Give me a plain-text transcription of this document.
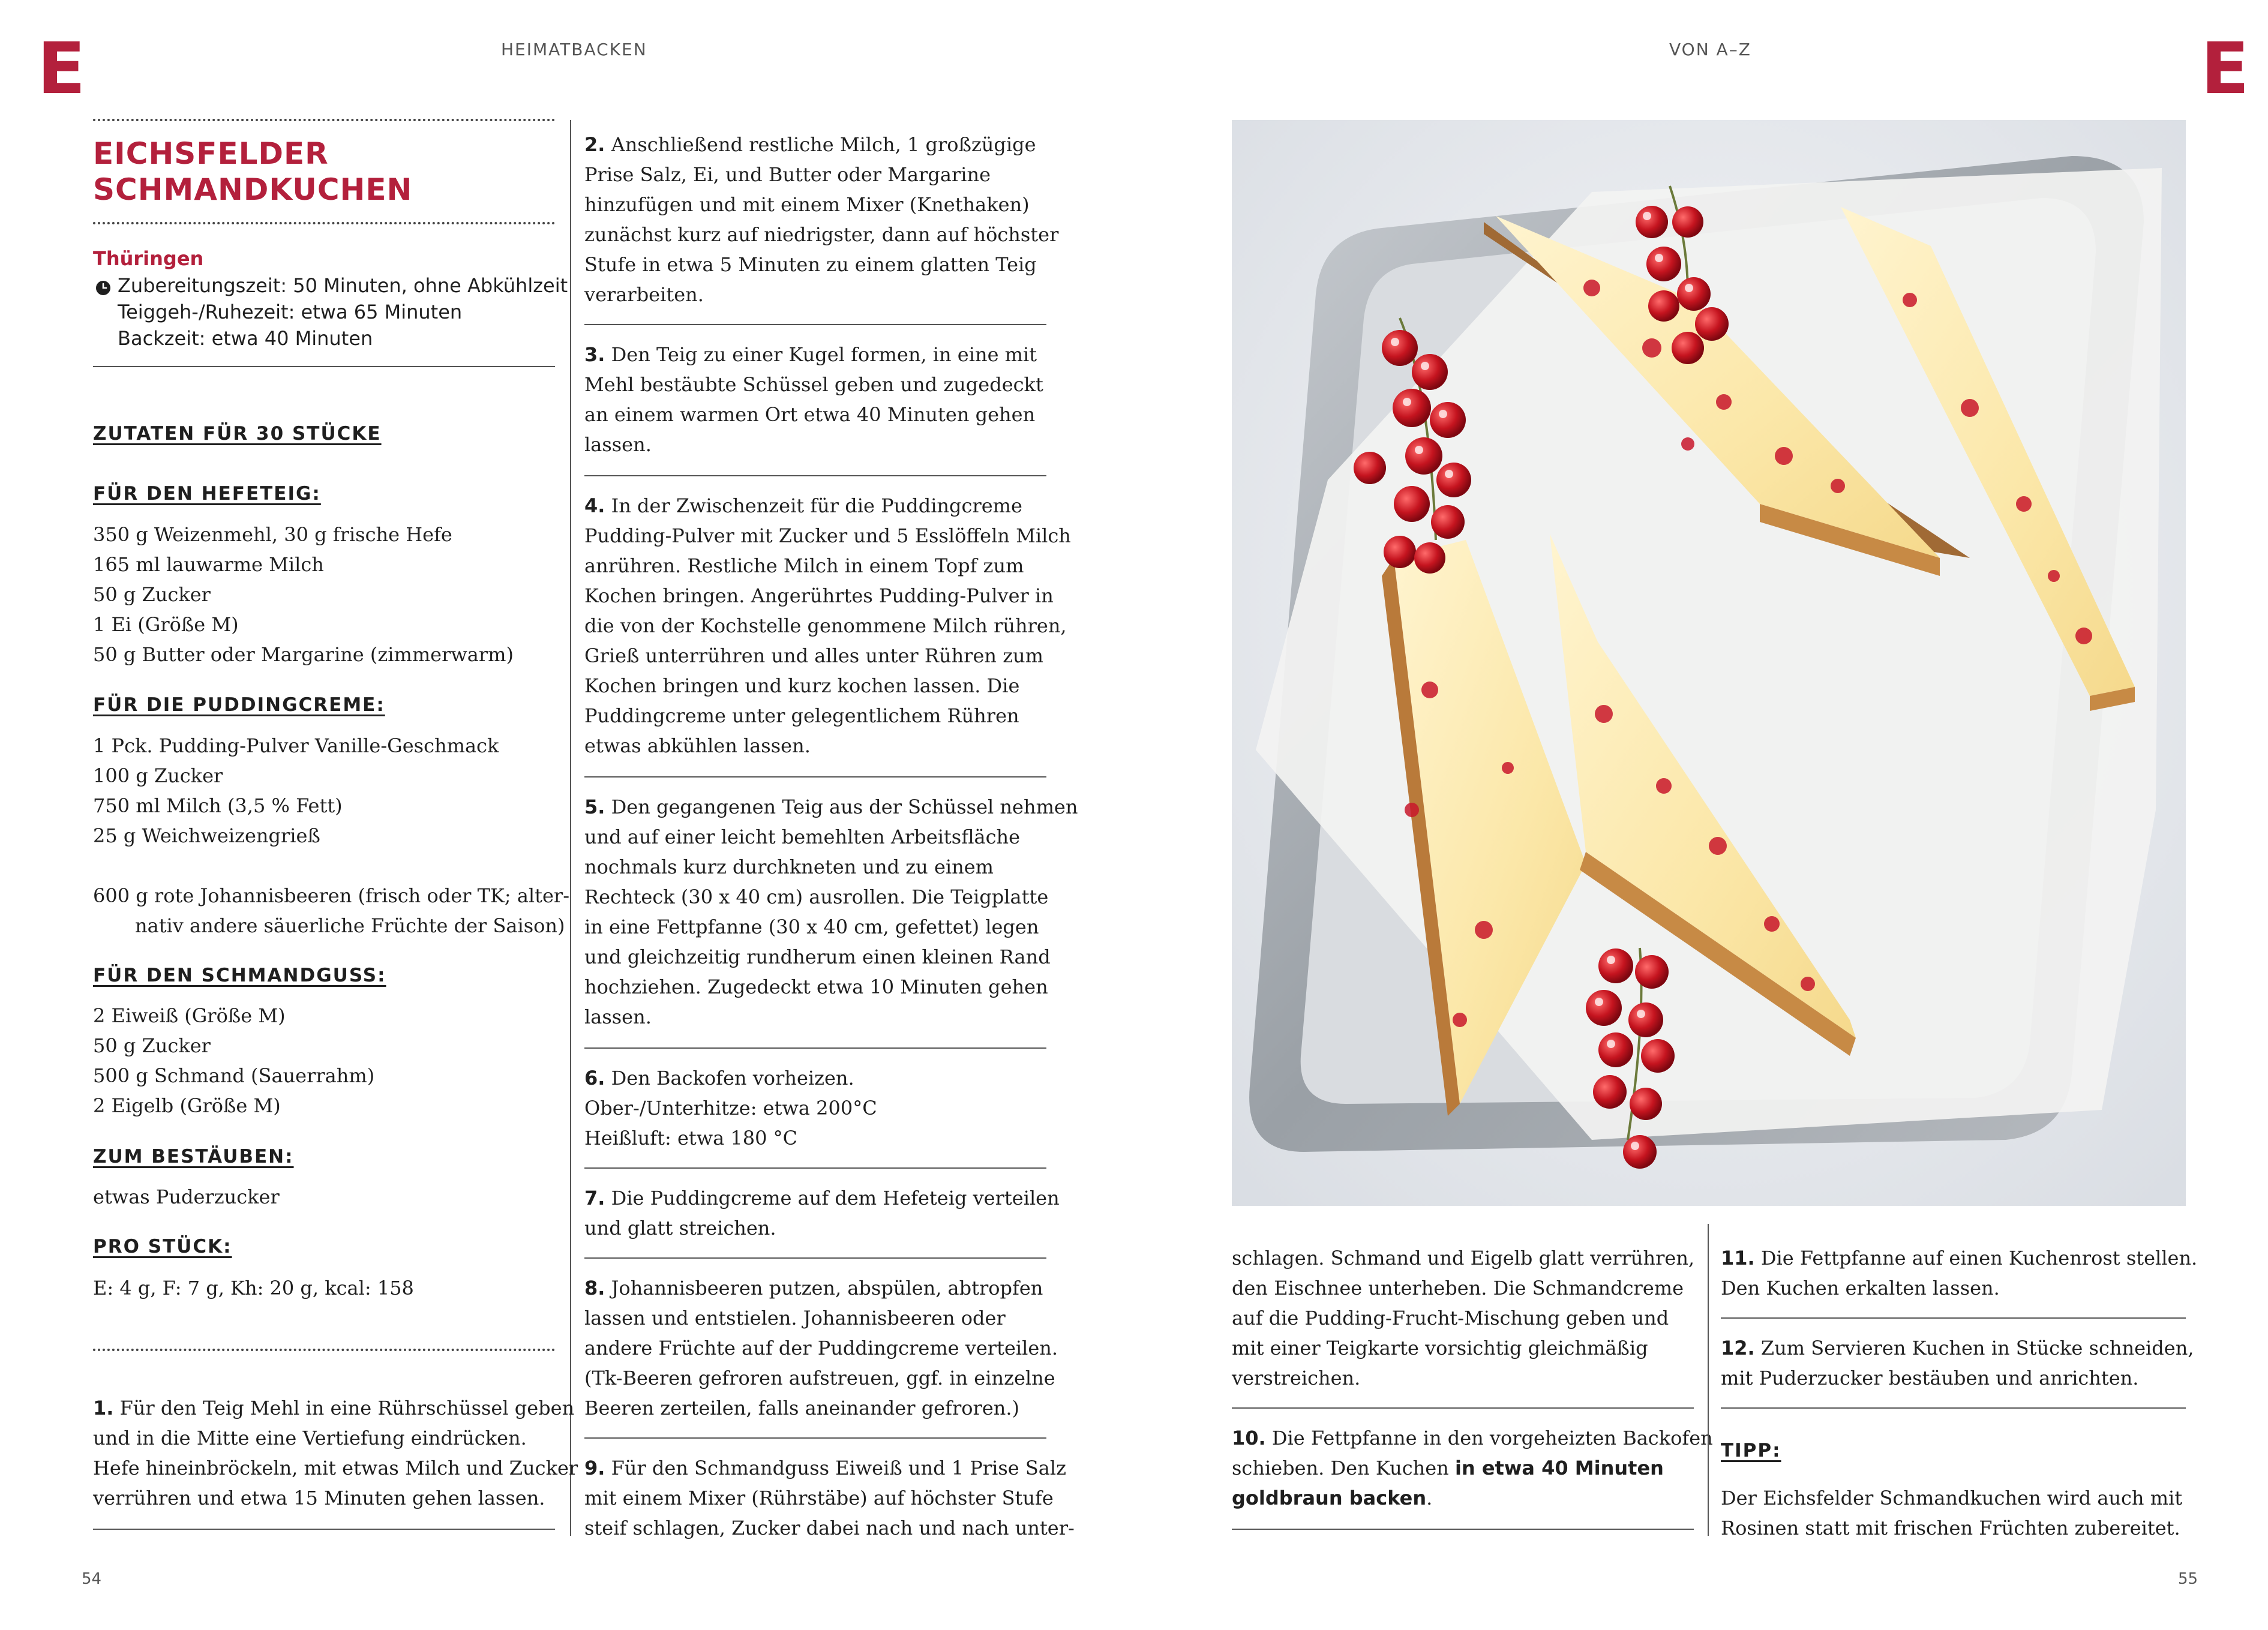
E	E
HEIMATBACKEN	VON A–Z
EICHSFELDER
SCHMANDKUCHEN
Thüringen
Zubereitungszeit: 50 Minuten, ohne Abkühlzeit
Teiggeh-/Ruhezeit: etwa 65 Minuten
Backzeit: etwa 40 Minuten
ZUTATEN FÜR 30 STÜCKE
FÜR DEN HEFETEIG:
350 g Weizenmehl, 30 g frische Hefe
165 ml lauwarme Milch
50 g Zucker
1 Ei (Größe M)
50 g Butter oder Margarine (zimmerwarm)
FÜR DIE PUDDINGCREME:
1 Pck. Pudding-Pulver Vanille-Geschmack
100 g Zucker
750 ml Milch (3,5 % Fett)
25 g Weichweizengrieß
600 g rote Johannisbeeren (frisch oder TK; alter-
nativ andere säuerliche Früchte der Saison)
FÜR DEN SCHMANDGUSS:
2 Eiweiß (Größe M)
50 g Zucker
500 g Schmand (Sauerrahm)
2 Eigelb (Größe M)
ZUM BESTÄUBEN:
etwas Puderzucker
PRO STÜCK:
E: 4 g, F: 7 g, Kh: 20 g, kcal: 158

1. Für den Teig Mehl in eine Rührschüssel geben

und in die Mitte eine Vertiefung eindrücken.

Hefe hineinbröckeln, mit etwas Milch und Zucker

verrühren und etwa 15 Minuten gehen lassen.

2. Anschließend restliche Milch, 1 großzügige

Prise Salz, Ei, und Butter oder Margarine

hinzufügen und mit einem Mixer (Knethaken)

zunächst kurz auf niedrigster, dann auf höchster

Stufe in etwa 5 Minuten zu einem glatten Teig

verarbeiten.

3. Den Teig zu einer Kugel formen, in eine mit

Mehl bestäubte Schüssel geben und zugedeckt

an einem warmen Ort etwa 40 Minuten gehen

lassen.

4. In der Zwischenzeit für die Puddingcreme

Pudding-Pulver mit Zucker und 5 Esslöffeln Milch

anrühren. Restliche Milch in einem Topf zum

Kochen bringen. Angerührtes Pudding-Pulver in

die von der Kochstelle genommene Milch rühren,

Grieß unterrühren und alles unter Rühren zum

Kochen bringen und kurz kochen lassen. Die

Puddingcreme unter gelegentlichem Rühren

etwas abkühlen lassen.

5. Den gegangenen Teig aus der Schüssel nehmen

und auf einer leicht bemehlten Arbeitsfläche

nochmals kurz durchkneten und zu einem

Rechteck (30 x 40 cm) ausrollen. Die Teigplatte

in eine Fettpfanne (30 x 40 cm, gefettet) legen

und gleichzeitig rundherum einen kleinen Rand

hochziehen. Zugedeckt etwa 10 Minuten gehen

lassen.

6. Den Backofen vorheizen.

Ober-/Unterhitze: etwa 200°C

Heißluft: etwa 180 °C

7. Die Puddingcreme auf dem Hefeteig verteilen

und glatt streichen.

8. Johannisbeeren putzen, abspülen, abtropfen

lassen und entstielen. Johannisbeeren oder

andere Früchte auf der Puddingcreme verteilen.

(Tk-Beeren gefroren aufstreuen, ggf. in einzelne

Beeren zerteilen, falls aneinander gefroren.)

9. Für den Schmandguss Eiweiß und 1 Prise Salz

mit einem Mixer (Rührstäbe) auf höchster Stufe

steif schlagen, Zucker dabei nach und nach unter-

schlagen. Schmand und Eigelb glatt verrühren,

den Eischnee unterheben. Die Schmandcreme

auf die Pudding-Frucht-Mischung geben und

mit einer Teigkarte vorsichtig gleichmäßig

verstreichen.

10. Die Fettpfanne in den vorgeheizten Backofen

schieben. Den Kuchen in etwa 40 Minuten

goldbraun backen.

11. Die Fettpfanne auf einen Kuchenrost stellen.

Den Kuchen erkalten lassen.

12. Zum Servieren Kuchen in Stücke schneiden,

mit Puderzucker bestäuben und anrichten.

TIPP:

Der Eichsfelder Schmandkuchen wird auch mit

Rosinen statt mit frischen Früchten zubereitet.

54	55
